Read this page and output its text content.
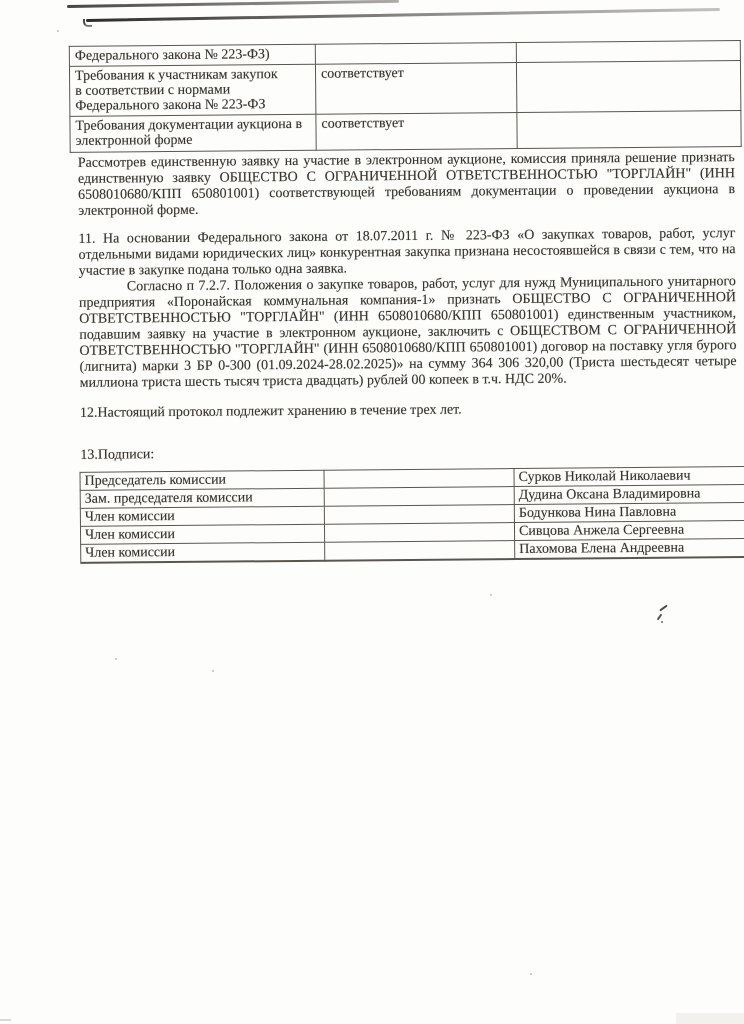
Федерального закона № 223-ФЗ)		
Требования к участникам закупок
в соответствии с нормами
Федерального закона № 223-ФЗ	соответствует	
Требования документации аукциона в
электронной форме	соответствует	

Рассмотрев единственную заявку на участие в электронном аукционе, комиссия приняла решение признать единственную заявку ОБЩЕСТВО С ОГРАНИЧЕННОЙ ОТВЕТСТВЕННОСТЬЮ "ТОРГЛАЙН" (ИНН 6508010680/КПП 650801001) соответствующей требованиям документации о проведении аукциона в электронной форме.

11. На основании Федерального закона от 18.07.2011 г. № 223-ФЗ «О закупках товаров, работ, услуг отдельными видами юридических лиц» конкурентная закупка признана несостоявшейся в связи с тем, что на участие в закупке подана только одна заявка.

Согласно п 7.2.7. Положения о закупке товаров, работ, услуг для нужд Муниципального унитарного предприятия «Поронайская коммунальная компания-1» признать ОБЩЕСТВО С ОГРАНИЧЕННОЙ ОТВЕТСТВЕННОСТЬЮ "ТОРГЛАЙН" (ИНН 6508010680/КПП 650801001) единственным участником, подавшим заявку на участие в электронном аукционе, заключить с ОБЩЕСТВОМ С ОГРАНИЧЕННОЙ ОТВЕТСТВЕННОСТЬЮ "ТОРГЛАЙН" (ИНН 6508010680/КПП 650801001) договор на поставку угля бурого (лигнита) марки 3 БР 0-300 (01.09.2024-28.02.2025)» на сумму 364 306 320,00 (Триста шестьдесят четыре миллиона триста шесть тысяч триста двадцать) рублей 00 копеек в т.ч. НДС 20%.

12.Настоящий протокол подлежит хранению в течение трех лет.

13.Подписи:

Председатель комиссии		Сурков Николай Николаевич
Зам. председателя комиссии		Дудина Оксана Владимировна
Член комиссии		Бодункова Нина Павловна
Член комиссии		Сивцова Анжела Сергеевна
Член комиссии		Пахомова Елена Андреевна
